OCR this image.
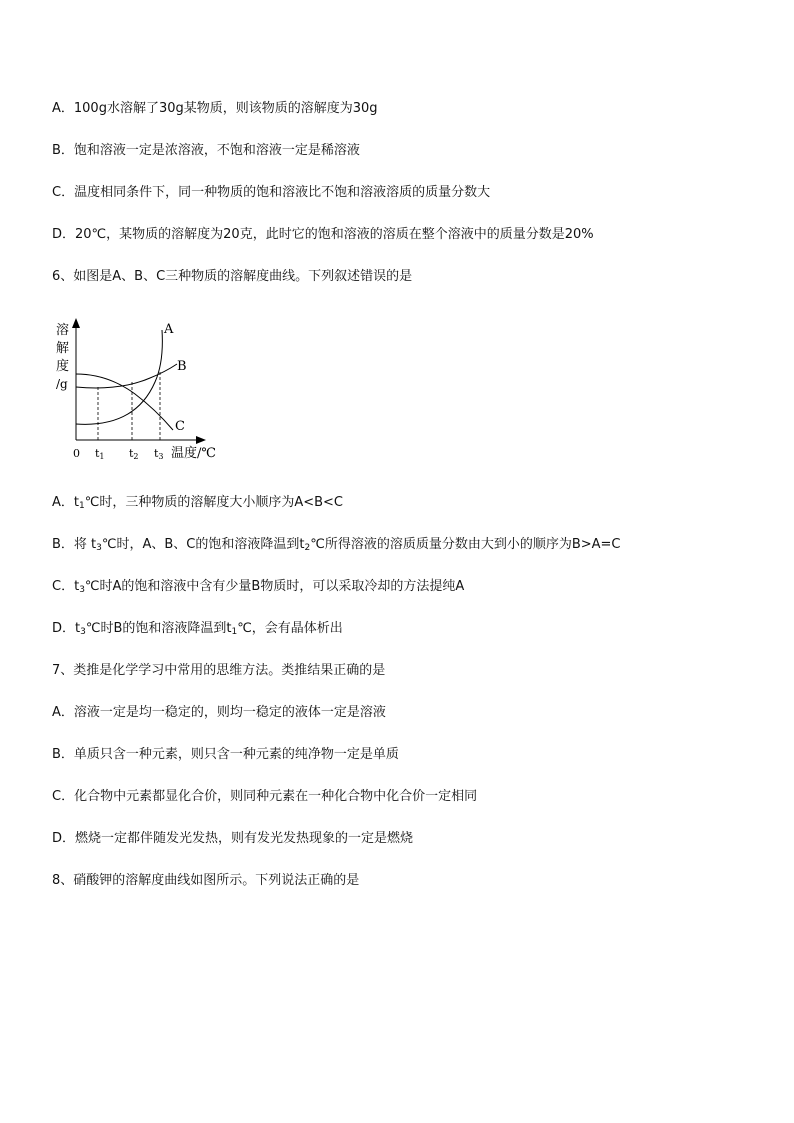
A．100g水溶解了30g某物质，则该物质的溶解度为30g
B．饱和溶液一定是浓溶液，不饱和溶液一定是稀溶液
C．温度相同条件下，同一种物质的饱和溶液比不饱和溶液溶质的质量分数大
D．20℃，某物质的溶解度为20克，此时它的饱和溶液的溶质在整个溶液中的质量分数是20%
6、如图是A、B、C三种物质的溶解度曲线。下列叙述错误的是
溶
解
度
/g
A
B
C
0 t1 t2 t3 温度/℃
A．$t_1℃$时，三种物质的溶解度大小顺序为A<B<C
B．将 $t_3℃$时，A、B、C的饱和溶液降温到$t_2℃$所得溶液的溶质质量分数由大到小的顺序为B>A=C
C．$t_3℃$时A的饱和溶液中含有少量B物质时，可以采取冷却的方法提纯A
D．$t_3℃$时B的饱和溶液降温到$t_1℃$，会有晶体析出
7、类推是化学学习中常用的思维方法。类推结果正确的是
A．溶液一定是均一稳定的，则均一稳定的液体一定是溶液
B．单质只含一种元素，则只含一种元素的纯净物一定是单质
C．化合物中元素都显化合价，则同种元素在一种化合物中化合价一定相同
D．燃烧一定都伴随发光发热，则有发光发热现象的一定是燃烧
8、硝酸钾的溶解度曲线如图所示。下列说法正确的是
